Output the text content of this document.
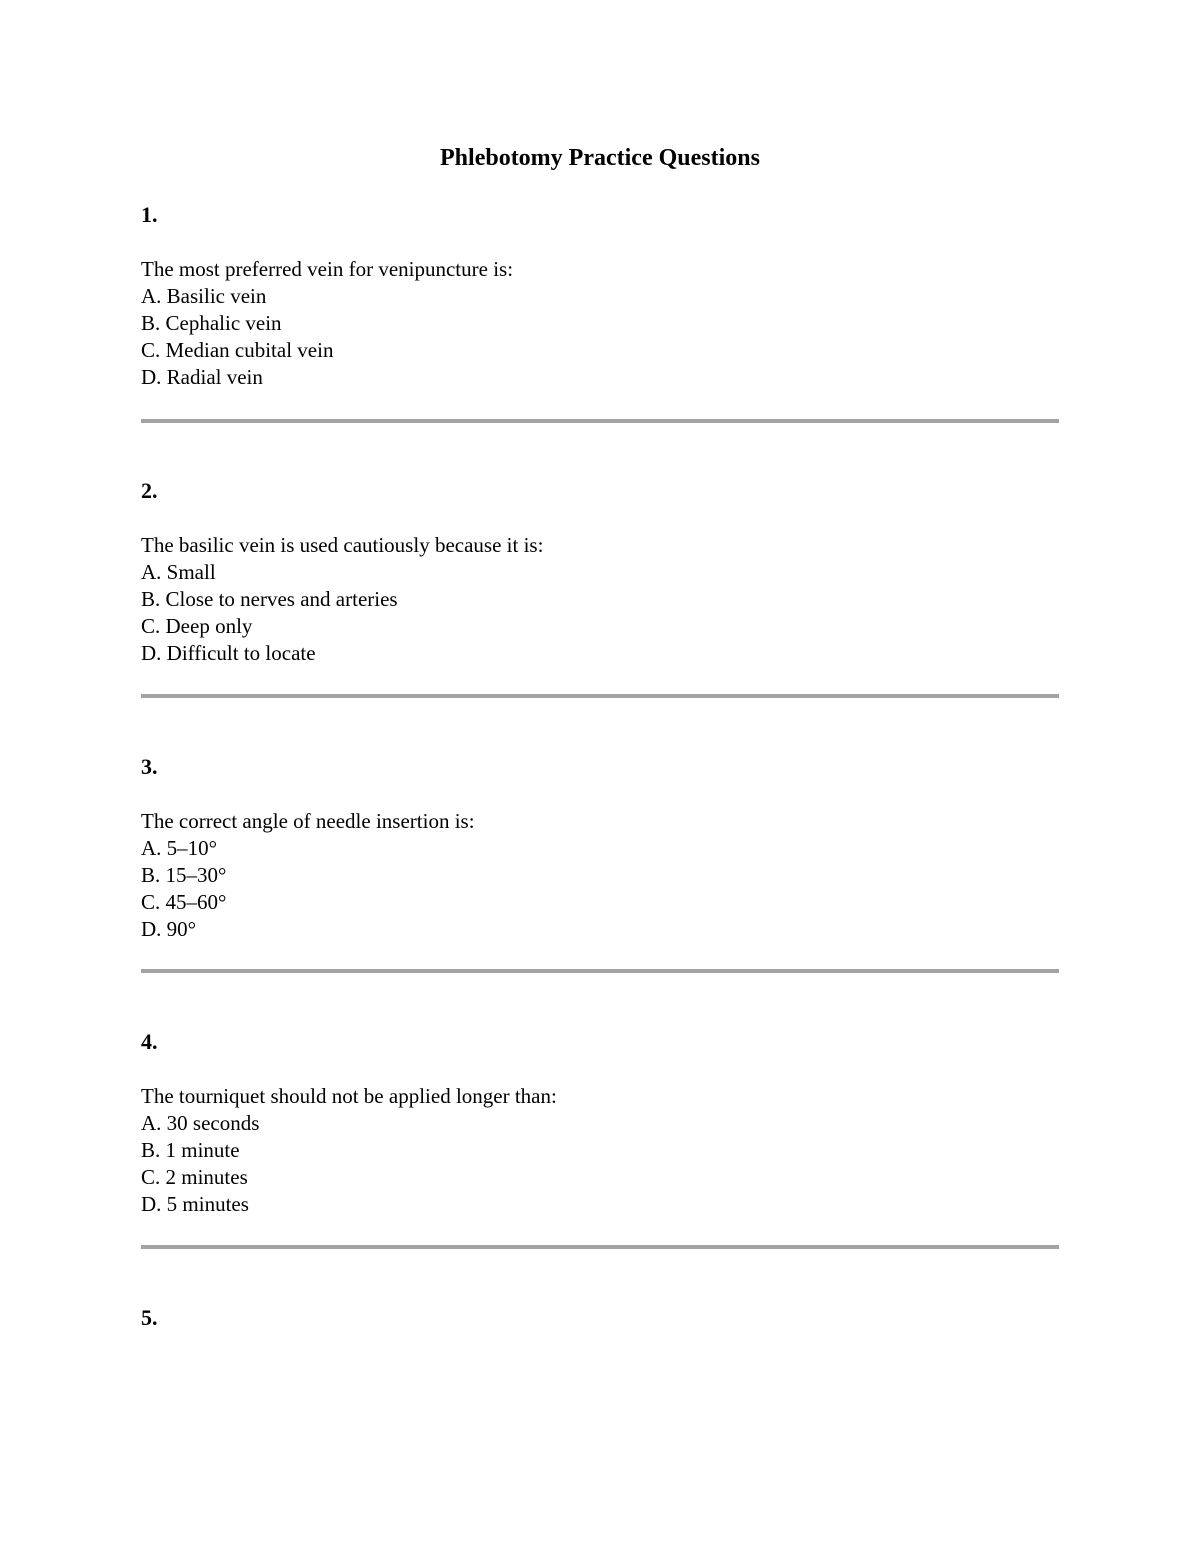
Phlebotomy Practice Questions

1.

The most preferred vein for venipuncture is:

A. Basilic vein

B. Cephalic vein

C. Median cubital vein

D. Radial vein

2.

The basilic vein is used cautiously because it is:

A. Small

B. Close to nerves and arteries

C. Deep only

D. Difficult to locate

3.

The correct angle of needle insertion is:

A. 5–10°

B. 15–30°

C. 45–60°

D. 90°

4.

The tourniquet should not be applied longer than:

A. 30 seconds

B. 1 minute

C. 2 minutes

D. 5 minutes

5.
